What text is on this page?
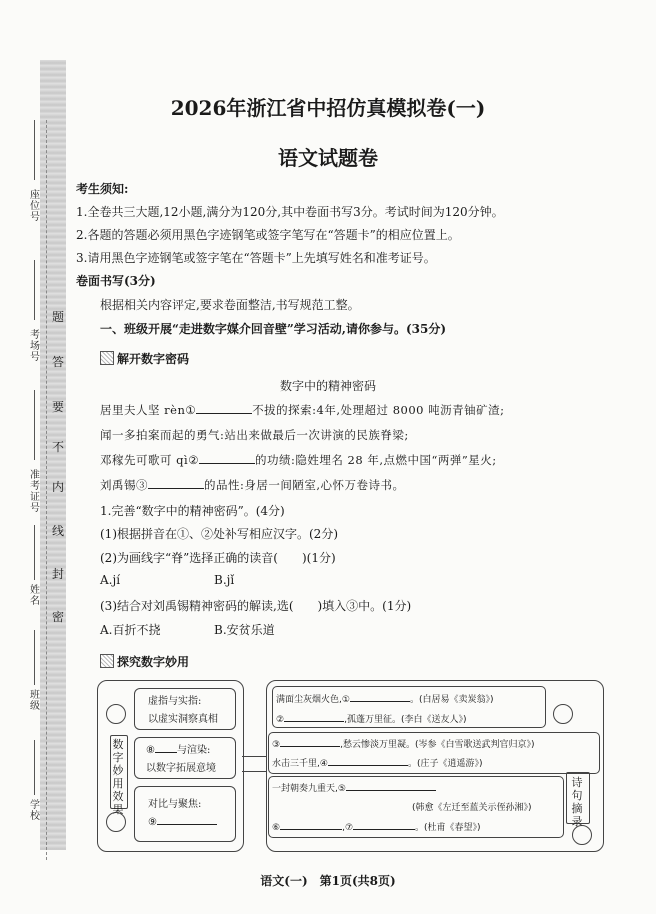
座位号
考场号
准考证号
姓名
班级
学校
题
答
要
不
内
线
封
密
2026年浙江省中招仿真模拟卷(一)
语文试题卷
考生须知:
1.全卷共三大题,12小题,满分为120分,其中卷面书写3分。考试时间为120分钟。
2.各题的答题必须用黑色字迹钢笔或签字笔写在“答题卡”的相应位置上。
3.请用黑色字迹钢笔或签字笔在“答题卡”上先填写姓名和准考证号。
卷面书写(3分)
根据相关内容评定,要求卷面整洁,书写规范工整。
一、班级开展“走进数字媒介回音壁”学习活动,请你参与。(35分)
解开数字密码
数字中的精神密码
居里夫人坚 rèn①	不拔的探索:4年,处理超过 8000 吨沥青铀矿渣;
闻一多拍案而起的勇气:站出来做最后一次讲演的民族脊梁;
邓稼先可歌可 qì②	的功绩:隐姓埋名 28 年,点燃中国“两弹”星火;
刘禹锡③	的品性:身居一间陋室,心怀万卷诗书。
1.完善“数字中的精神密码”。(4分)
(1)根据拼音在①、②处补写相应汉字。(2分)
(2)为画线字“脊”选择正确的读音(　　)(1分)
A.jí	B.jǐ
(3)结合对刘禹锡精神密码的解读,选(　　)填入③中。(1分)
A.百折不挠	B.安贫乐道
探究数字妙用
数字妙用效果
虚指与实指:
以虚实洞察真相
⑧ 与渲染:
以数字拓展意境
对比与聚焦:
⑨
满面尘灰烟火色,①	。(白居易《卖炭翁》)
②	,孤蓬万里征。(李白《送友人》)
③	,愁云惨淡万里凝。(岑参《白雪歌送武判官归京》)
水击三千里,④	。(庄子《逍遥游》)
一封朝奏九重天,⑤
(韩愈《左迁至蓝关示侄孙湘》)
⑥	,⑦	。(杜甫《春望》)
诗句摘录
语文(一)　第1页(共8页)
